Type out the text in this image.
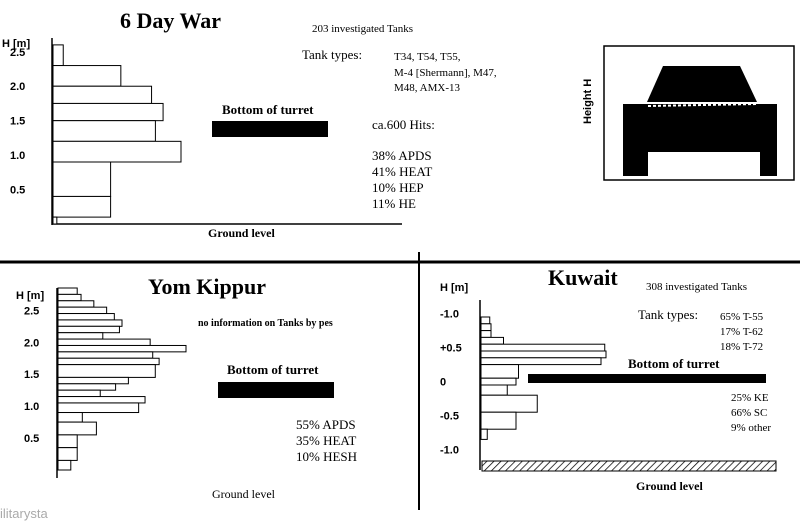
2.5
2.0
1.5
1.0
0.5
2.5
2.0
1.5
1.0
0.5
-1.0
+0.5
0
-0.5
-1.0
6 Day War
H [m]
203 investigated Tanks
Tank types:	T34, T54, T55,
M-4 [Shermann], M47,
M48, AMX-13
Bottom of turret
ca.600 Hits:
38% APDS
41% HEAT
10% HEP
11% HE
Ground level
Height H
Yom Kippur
H [m]
no information on Tanks by pes
Bottom of turret
55% APDS
35% HEAT
10% HESH
Ground level
Kuwait
H [m]	308 investigated Tanks
Tank types: 65% T-55
17% T-62
18% T-72
Bottom of turret
25% KE
66% SC
9% other
Ground level
ilitarysta
